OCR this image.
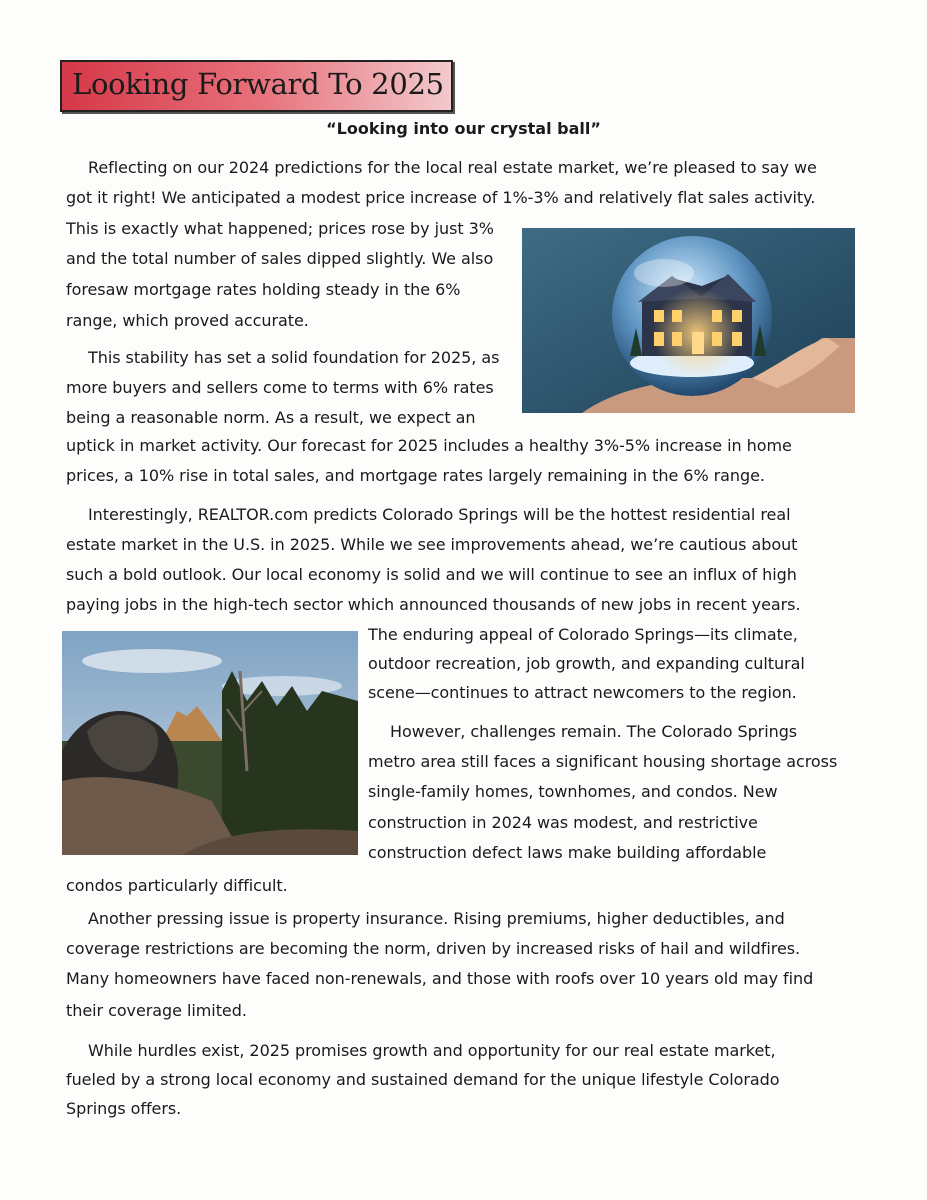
Looking Forward To 2025
“Looking into our crystal ball”
Reflecting on our 2024 predictions for the local real estate market, we’re pleased to say we
got it right! We anticipated a modest price increase of 1%-3% and relatively flat sales activity.
This is exactly what happened; prices rose by just 3%
and the total number of sales dipped slightly. We also
foresaw mortgage rates holding steady in the 6%
range, which proved accurate.
This stability has set a solid foundation for 2025, as
more buyers and sellers come to terms with 6% rates
being a reasonable norm. As a result, we expect an
uptick in market activity. Our forecast for 2025 includes a healthy 3%-5% increase in home
prices, a 10% rise in total sales, and mortgage rates largely remaining in the 6% range.
Interestingly, REALTOR.com predicts Colorado Springs will be the hottest residential real
estate market in the U.S. in 2025. While we see improvements ahead, we’re cautious about
such a bold outlook. Our local economy is solid and we will continue to see an influx of high
paying jobs in the high-tech sector which announced thousands of new jobs in recent years.
The enduring appeal of Colorado Springs—its climate,
outdoor recreation, job growth, and expanding cultural
scene—continues to attract newcomers to the region.
However, challenges remain. The Colorado Springs
metro area still faces a significant housing shortage across
single-family homes, townhomes, and condos. New
construction in 2024 was modest, and restrictive
construction defect laws make building affordable
condos particularly difficult.
Another pressing issue is property insurance. Rising premiums, higher deductibles, and
coverage restrictions are becoming the norm, driven by increased risks of hail and wildfires.
Many homeowners have faced non-renewals, and those with roofs over 10 years old may find
their coverage limited.
While hurdles exist, 2025 promises growth and opportunity for our real estate market,
fueled by a strong local economy and sustained demand for the unique lifestyle Colorado
Springs offers.
